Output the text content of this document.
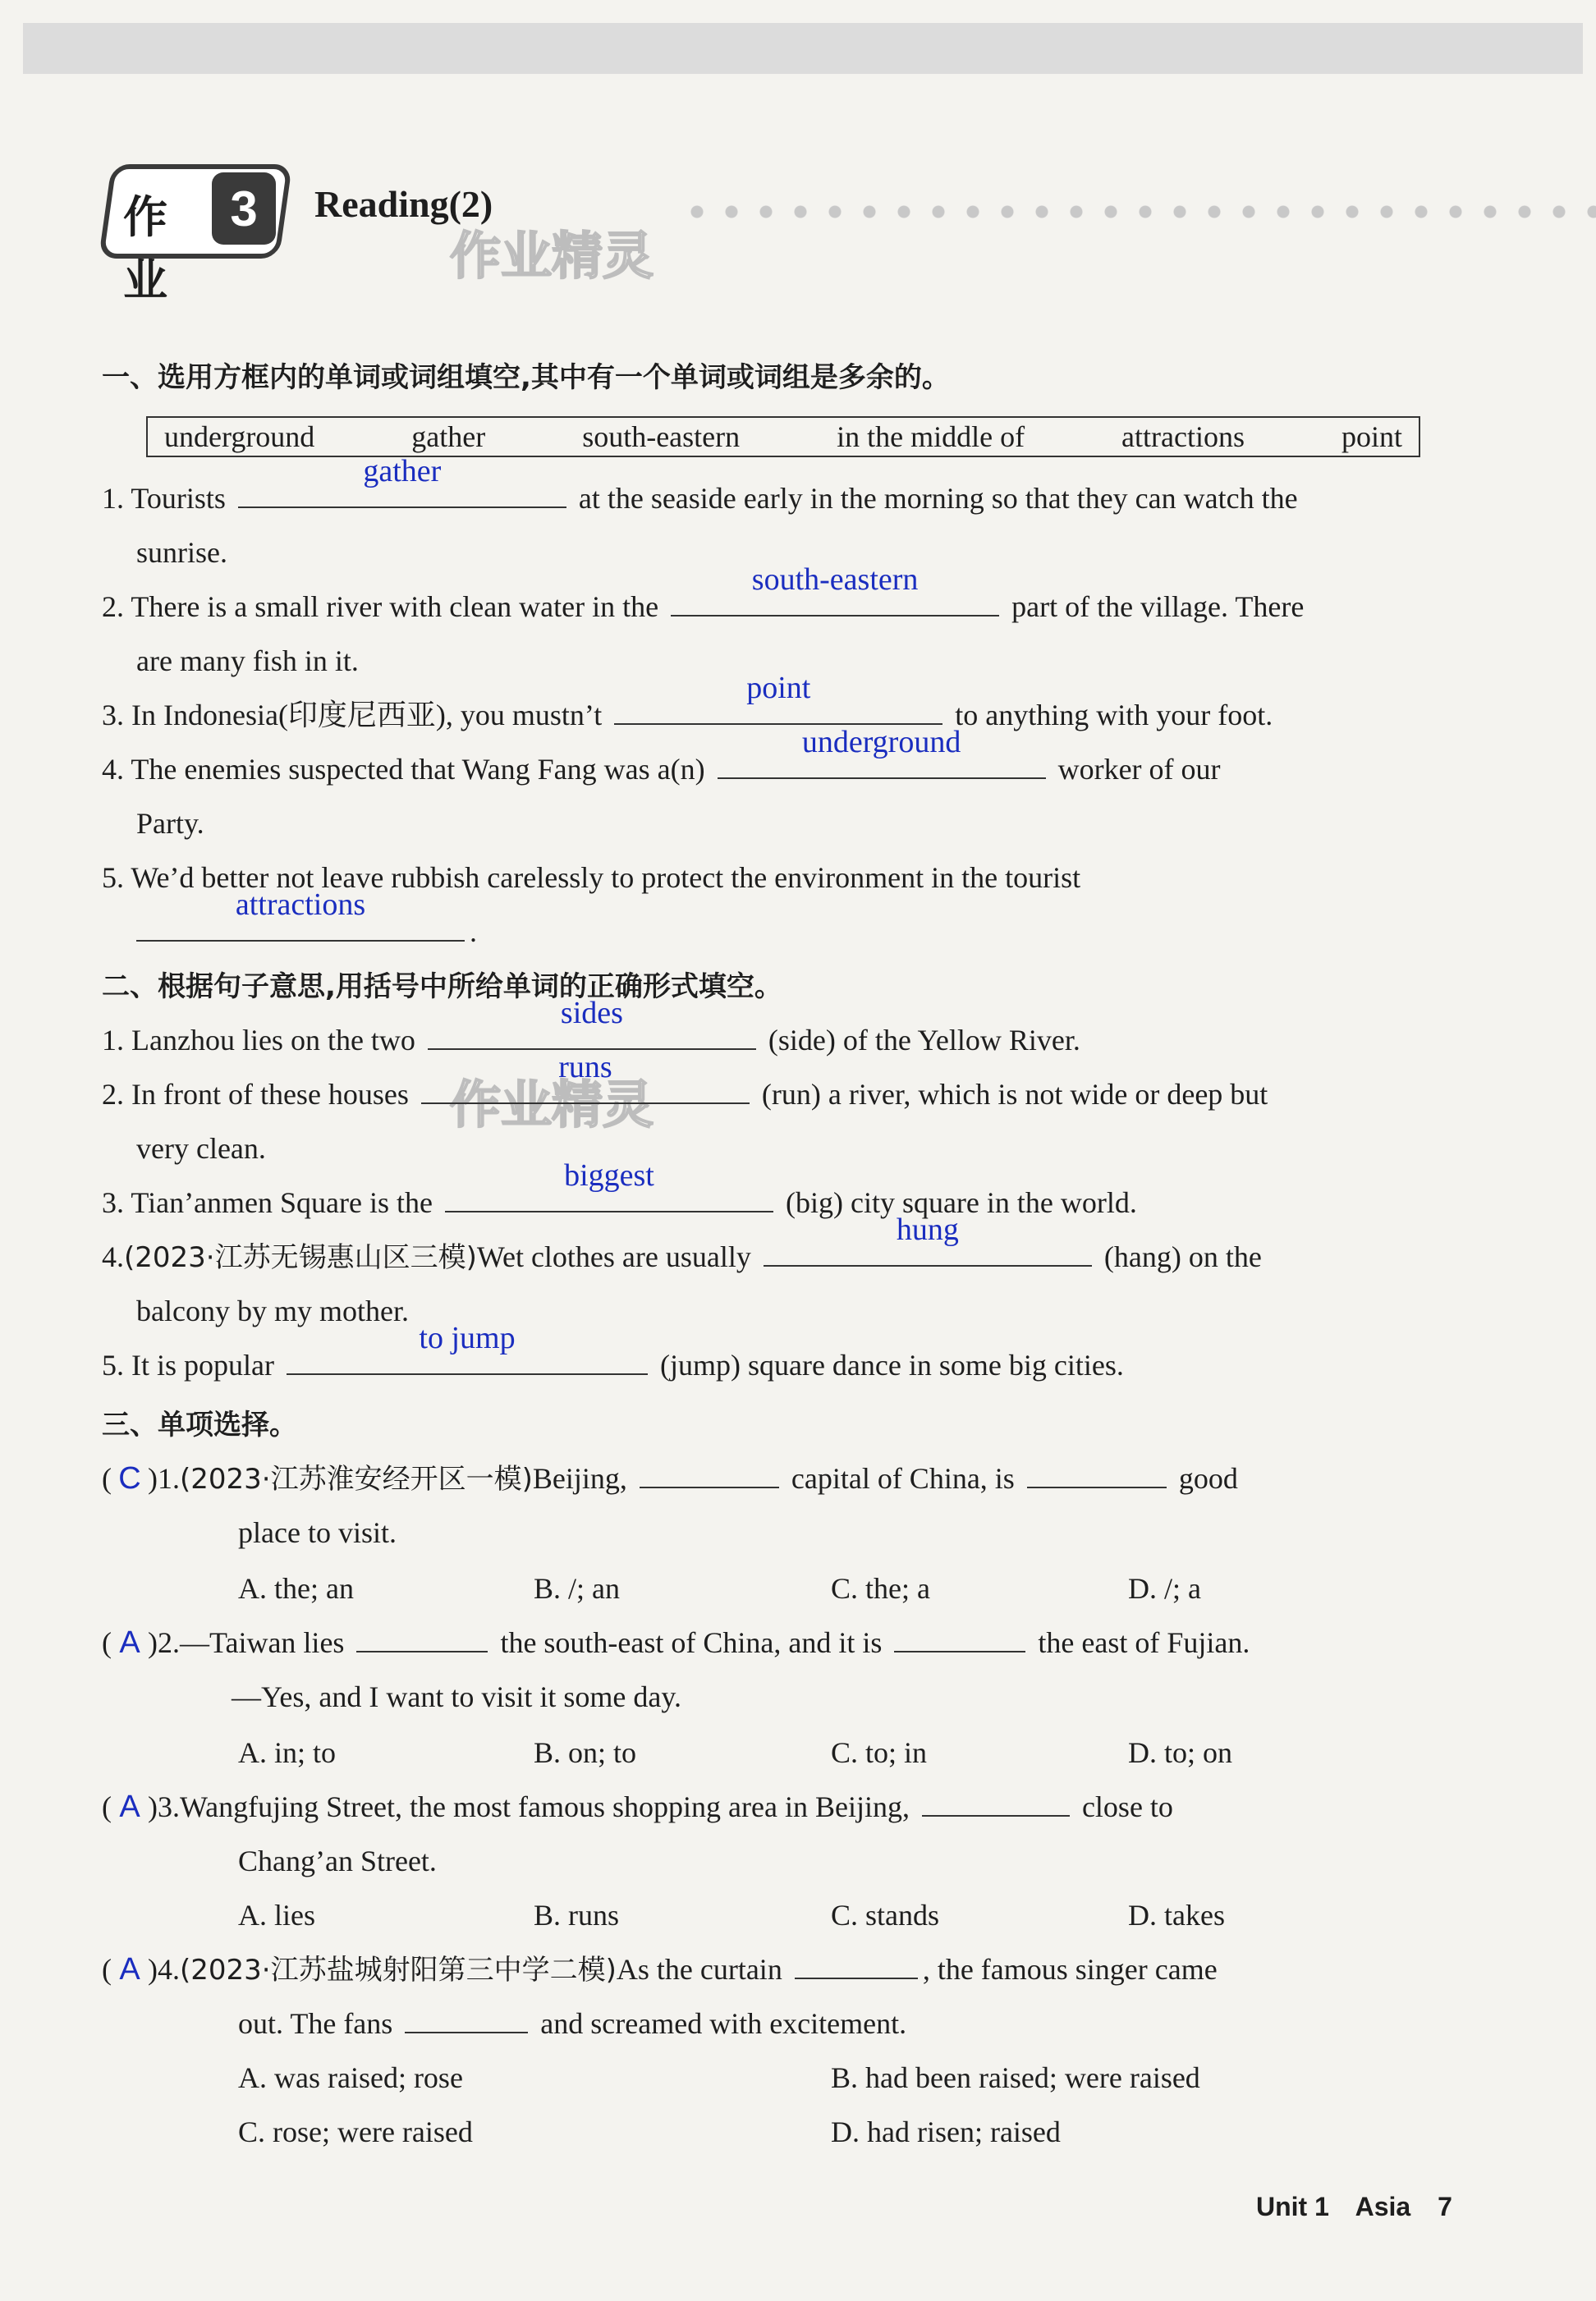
作业
3	Reading(2)
作业精灵
作业精灵
一、选用方框内的单词或词组填空,其中有一个单词或词组是多余的。
underground	gather	south-eastern	in the middle of	attractions	point
1. Tourists
gather
at the seaside early in the morning so that they can watch the
sunrise.
2. There is a small river with clean water in the
south-eastern
part of the village. There
are many fish in it.
3. In Indonesia(印度尼西亚), you mustn’t
point
to anything with your foot.
4. The enemies suspected that Wang Fang was a(n)
underground
worker of our
Party.
5. We’d better not leave rubbish carelessly to protect the environment in the tourist
attractions
.
二、根据句子意思,用括号中所给单词的正确形式填空。
1. Lanzhou lies on the two
sides
(side) of the Yellow River.
2. In front of these houses
runs
(run) a river, which is not wide or deep but
very clean.
3. Tian’anmen Square is the
biggest
(big) city square in the world.
4.(2023·江苏无锡惠山区三模)Wet clothes are usually
hung
(hang) on the
balcony by my mother.
5. It is popular
to jump
(jump) square dance in some big cities.
三、单项选择。
( C )1.(2023·江苏淮安经开区一模)Beijing,	capital of China, is	good
place to visit.
A. the; an	B. /; an	C. the; a	D. /; a
( A )2.—Taiwan lies	the south-east of China, and it is	the east of Fujian.
—Yes, and I want to visit it some day.
A. in; to	B. on; to	C. to; in	D. to; on
( A )3.Wangfujing Street, the most famous shopping area in Beijing,	close to
Chang’an Street.
A. lies	B. runs	C. stands	D. takes
( A )4.(2023·江苏盐城射阳第三中学二模)As the curtain	, the famous singer came
out. The fans	and screamed with excitement.
A. was raised; rose	B. had been raised; were raised
C. rose; were raised	D. had risen; raised
Unit 1 Asia 7
